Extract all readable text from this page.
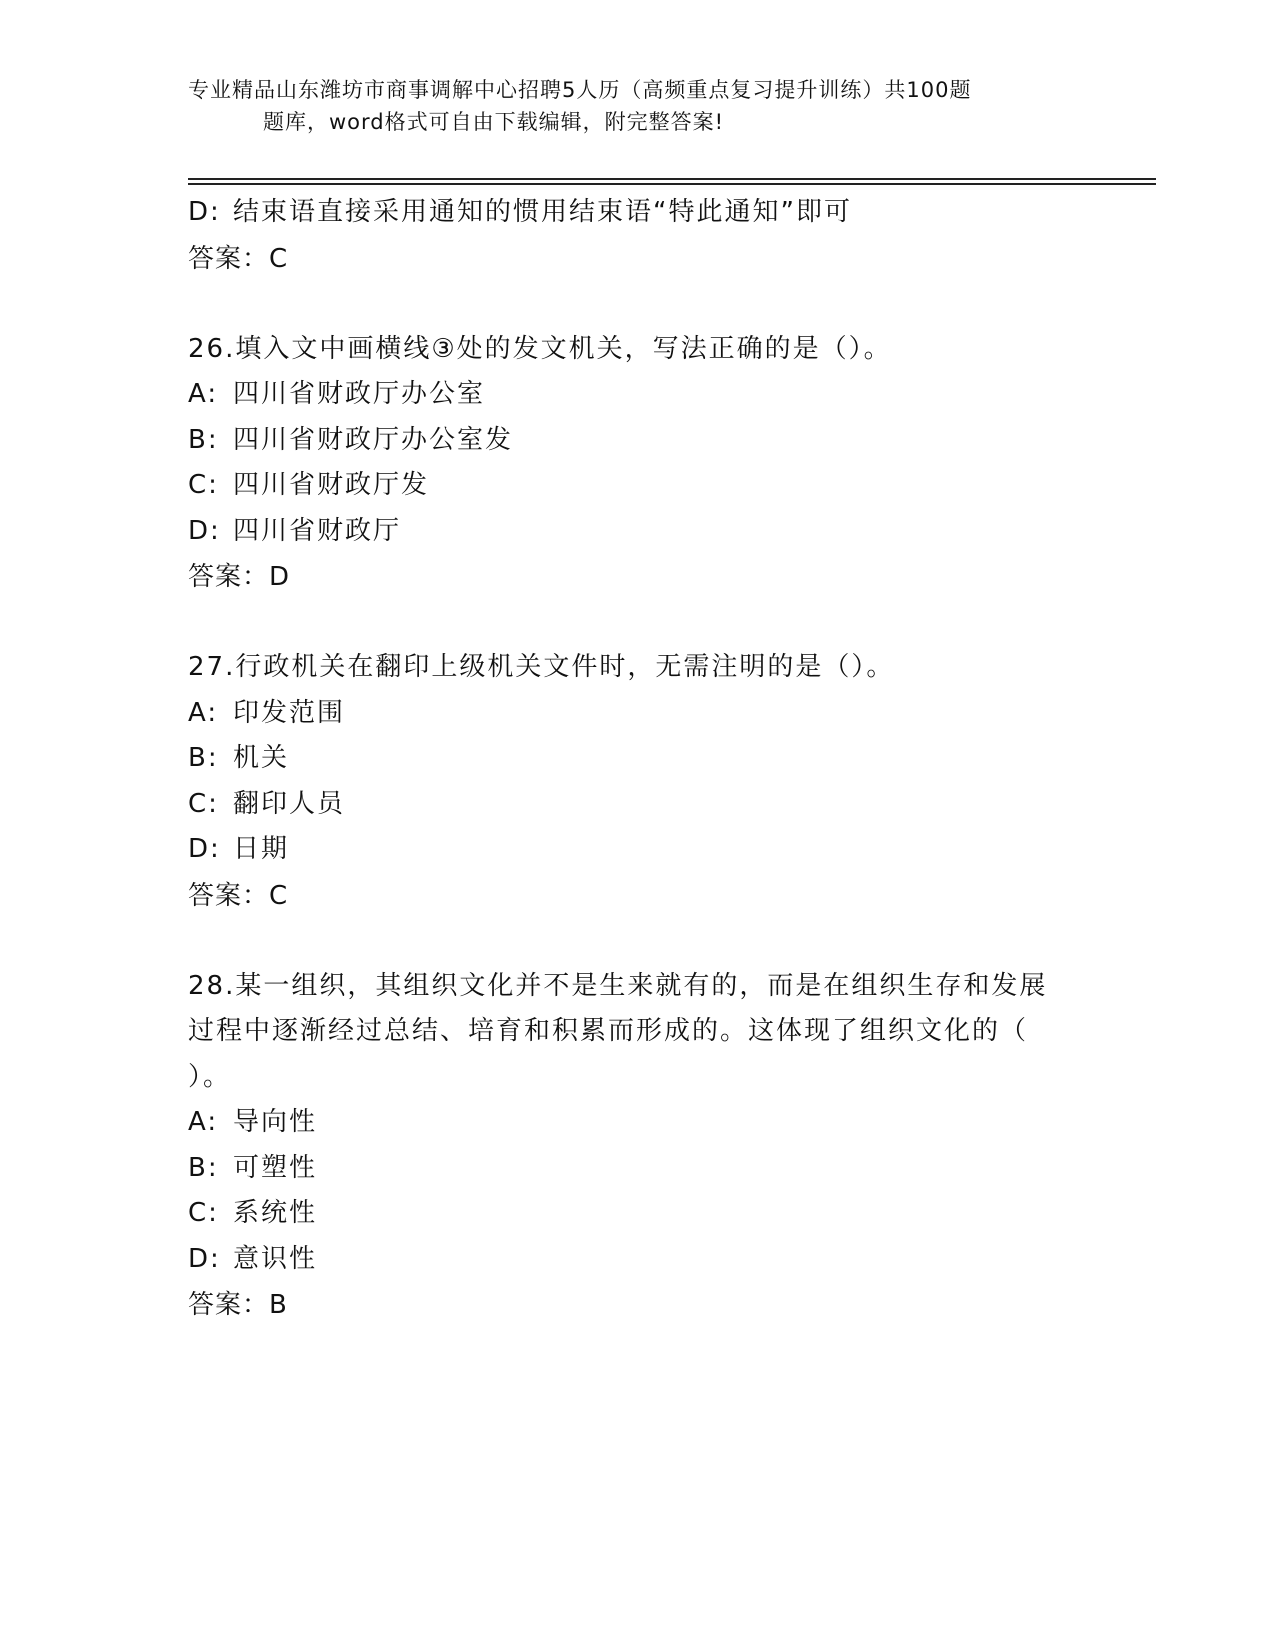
专业精品山东潍坊市商事调解中心招聘5人历（高频重点复习提升训练）共100题
题库，word格式可自由下载编辑，附完整答案!
D: 结束语直接采用通知的惯用结束语“特此通知”即可
答案：C
26.填入文中画横线③处的发文机关，写法正确的是（）。
A: 四川省财政厅办公室
B: 四川省财政厅办公室发
C: 四川省财政厅发
D: 四川省财政厅
答案：D
27.行政机关在翻印上级机关文件时，无需注明的是（）。
A: 印发范围
B: 机关
C: 翻印人员
D: 日期
答案：C
28.某一组织，其组织文化并不是生来就有的，而是在组织生存和发展
过程中逐渐经过总结、培育和积累而形成的。这体现了组织文化的（
）。
A: 导向性
B: 可塑性
C: 系统性
D: 意识性
答案：B
